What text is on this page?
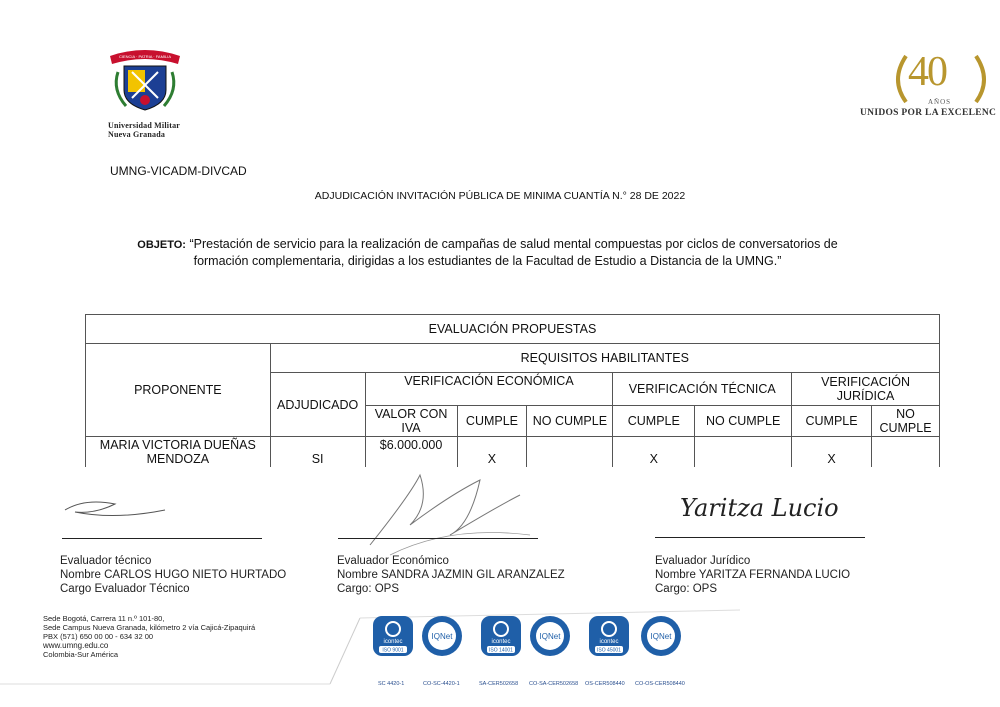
CIENCIA · PATRIA · FAMILIA
Universidad Militar
Nueva Granada
40
AÑOS
UNIDOS POR LA EXCELENC
UMNG-VICADM-DIVCAD
ADJUDICACIÓN INVITACIÓN PÚBLICA DE MINIMA CUANTÍA N.° 28 DE 2022
OBJETO: “Prestación de servicio para la realización de campañas de salud mental compuestas por ciclos de conversatorios de formación complementaria, dirigidas a los estudiantes de la Facultad de Estudio a Distancia de la UMNG.”
EVALUACIÓN PROPUESTAS								
PROPONENTE	REQUISITOS HABILITANTES							
	ADJUDICADO	VERIFICACIÓN ECONÓMICA			VERIFICACIÓN TÉCNICA		VERIFICACIÓN JURÍDICA	
		VALOR CON IVA	CUMPLE	NO CUMPLE	CUMPLE	NO CUMPLE	CUMPLE	NO CUMPLE
MARIA VICTORIA DUEÑAS MENDOZA	SI	$6.000.000	X		X		X	
Yaritza Lucio
Evaluador técnico
Nombre CARLOS HUGO NIETO HURTADO
Cargo Evaluador Técnico
Evaluador Económico
Nombre SANDRA JAZMIN GIL ARANZALEZ
Cargo: OPS
Evaluador Jurídico
Nombre YARITZA FERNANDA LUCIO
Cargo: OPS
Sede Bogotá, Carrera 11 n.º 101-80,
Sede Campus Nueva Granada, kilómetro 2 vía Cajicá-Zipaquirá
PBX (571) 650 00 00 - 634 32 00
www.umng.edu.co
Colombia-Sur América
icontec
ISO 9001
IQNet
icontec
ISO 14001
IQNet
icontec
ISO 45001
IQNet
SC 4420-1	CO-SC-4420-1	SA-CER502658 CO-SA-CER502658 OS-CER508440 CO-OS-CER508440
